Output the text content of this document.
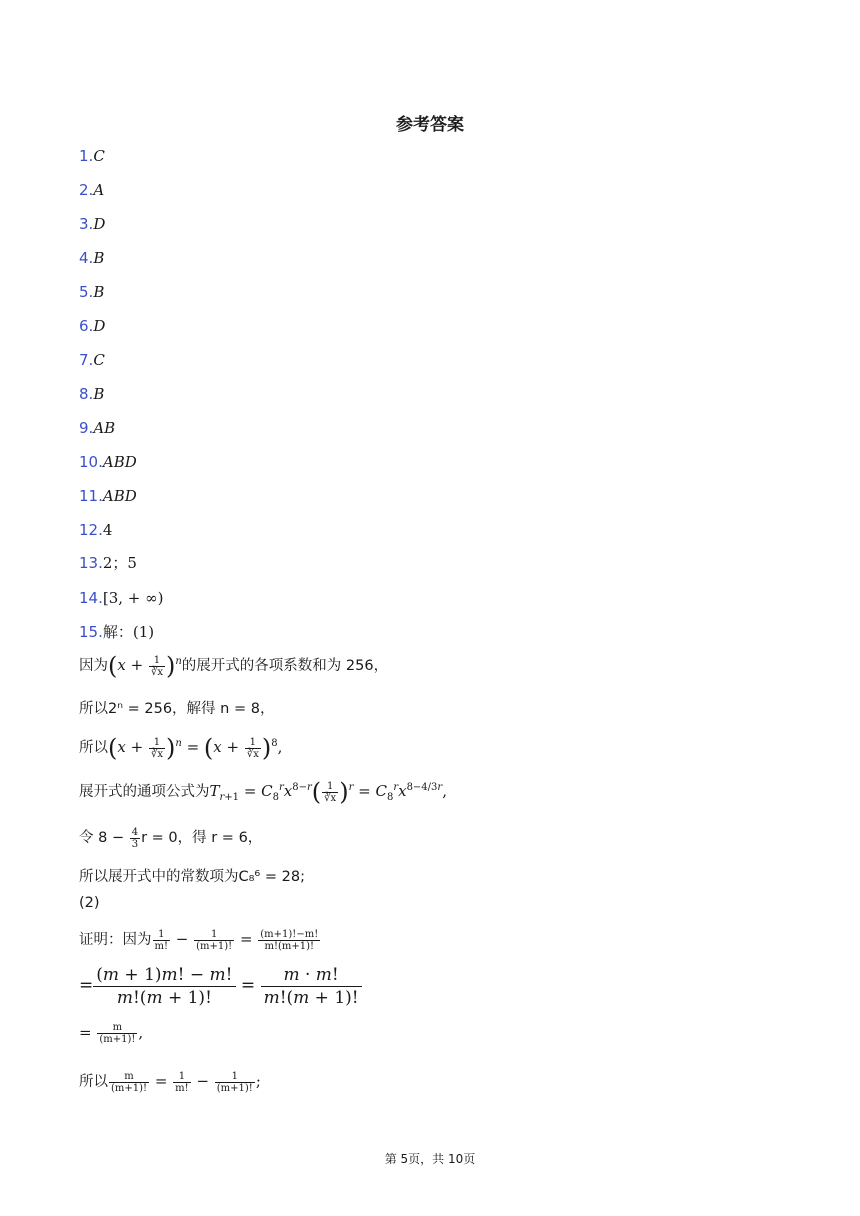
参考答案
1.C
2.A
3.D
4.B
5.B
6.D
7.C
8.B
9.AB
10.ABD
11.ABD
12.4
13.2；5
14.[3, + ∞)
15.解：(1)
因为$(x + \frac{1}{∛x} )^n$的展开式的各项系数和为 256，
所以2ⁿ = 256，解得 n = 8，
所以$(x + \frac{1}{∛x} )^n = (x + \frac{1}{∛x} )^8$,
展开式的通项公式为$T_{r+1} = C_8^rx^{8-r}( \frac{1}{∛x} )^r = C_8^rx^{8-4/3r}$,
令 $8 - \frac{4}{3}$ r = 0，得 r = 6，
所以展开式中的常数项为C₈⁶ = 28;
(2)
证明：因为 $\frac{1}{m!} - \frac{1}{(m+1)!} = \frac{(m+1)!-m!}{m!(m+1)!}$
= $\frac{(m + 1)m! - m!}{m!(m + 1)!} = \frac{m \cdot m!}{m!(m + 1)!}$
= $\frac{m}{(m+1)!}$ ,
所以 $\frac{m}{(m+1)!} = \frac{1}{m!} - \frac{1}{(m+1)!}$ ;
第 5页，共 10页
